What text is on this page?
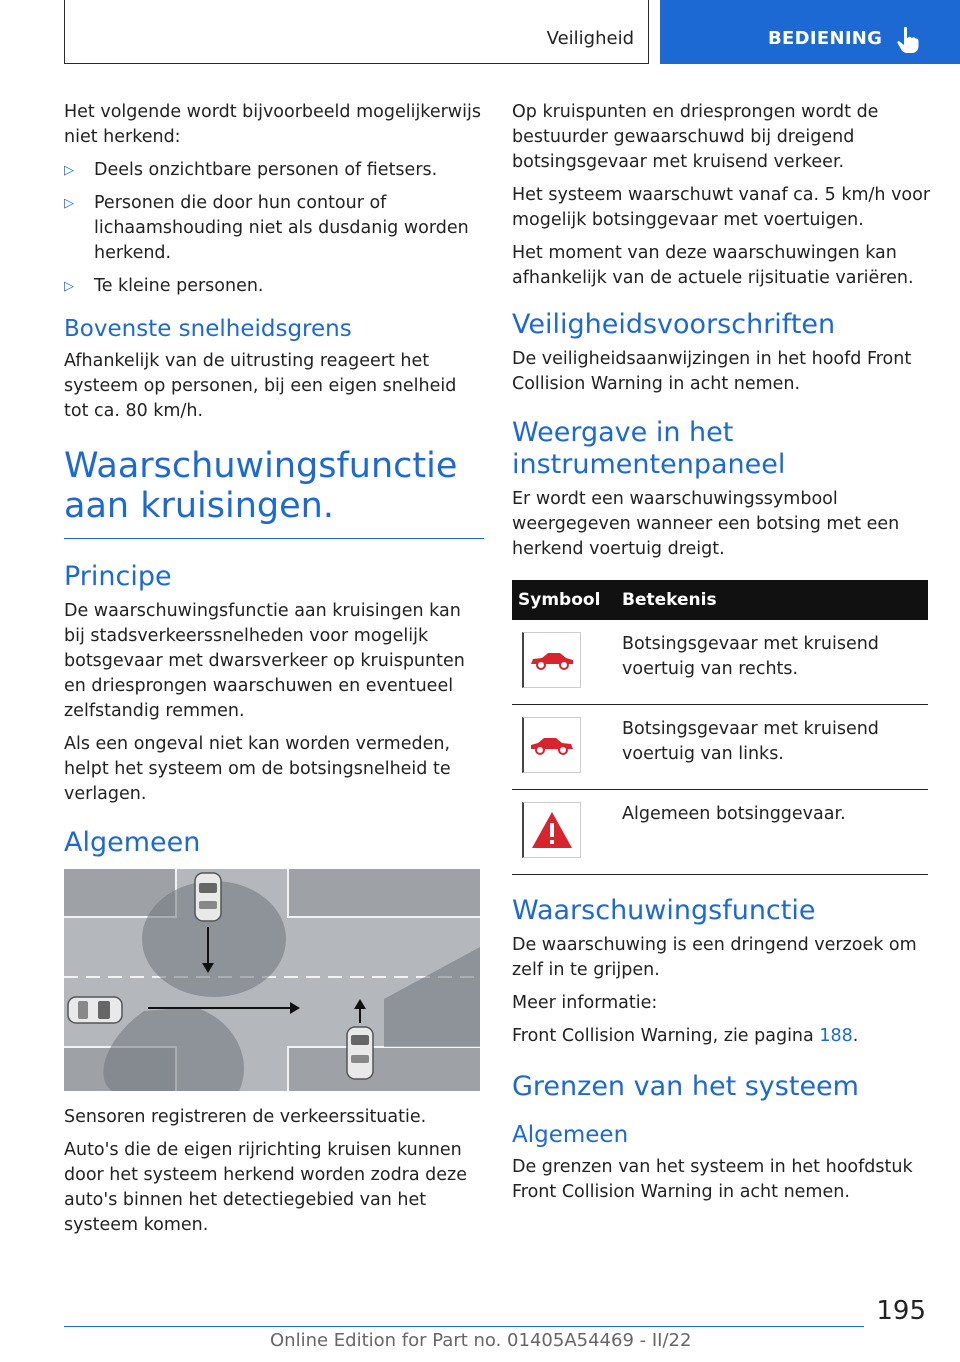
Veiligheid	BEDIENING

Het volgende wordt bijvoorbeeld mogelijkerwijs niet herkend:

▷ Deels onzichtbare personen of fietsers.
▷ Personen die door hun contour of lichaamshouding niet als dusdanig worden herkend.
▷ Te kleine personen.
Bovenste snelheidsgrens

Afhankelijk van de uitrusting reageert het systeem op personen, bij een eigen snelheid tot ca. 80 km/h.

Waarschuwingsfunctie aan kruisingen.
Principe

De waarschuwingsfunctie aan kruisingen kan bij stadsverkeerssnelheden voor mogelijk botsgevaar met dwarsverkeer op kruispunten en driesprongen waarschuwen en eventueel zelfstandig remmen.

Als een ongeval niet kan worden vermeden, helpt het systeem om de botsingsnelheid te verlagen.

Algemeen

Sensoren registreren de verkeerssituatie.

Auto's die de eigen rijrichting kruisen kunnen door het systeem herkend worden zodra deze auto's binnen het detectiegebied van het systeem komen.

Op kruispunten en driesprongen wordt de bestuurder gewaarschuwd bij dreigend botsingsgevaar met kruisend verkeer.

Het systeem waarschuwt vanaf ca. 5 km/h voor mogelijk botsinggevaar met voertuigen.

Het moment van deze waarschuwingen kan afhankelijk van de actuele rijsituatie variëren.

Veiligheidsvoorschriften

De veiligheidsaanwijzingen in het hoofd Front Collision Warning in acht nemen.

Weergave in het instrumentenpaneel

Er wordt een waarschuwingssymbool weergegeven wanneer een botsing met een herkend voertuig dreigt.

Symbool	Betekenis

	Botsingsgevaar met kruisend voertuig van rechts.

	Botsingsgevaar met kruisend voertuig van links.

	Algemeen botsinggevaar.
Waarschuwingsfunctie

De waarschuwing is een dringend verzoek om zelf in te grijpen.

Meer informatie:

Front Collision Warning, zie pagina 188.

Grenzen van het systeem
Algemeen

De grenzen van het systeem in het hoofdstuk Front Collision Warning in acht nemen.

195
Online Edition for Part no. 01405A54469 - II/22
